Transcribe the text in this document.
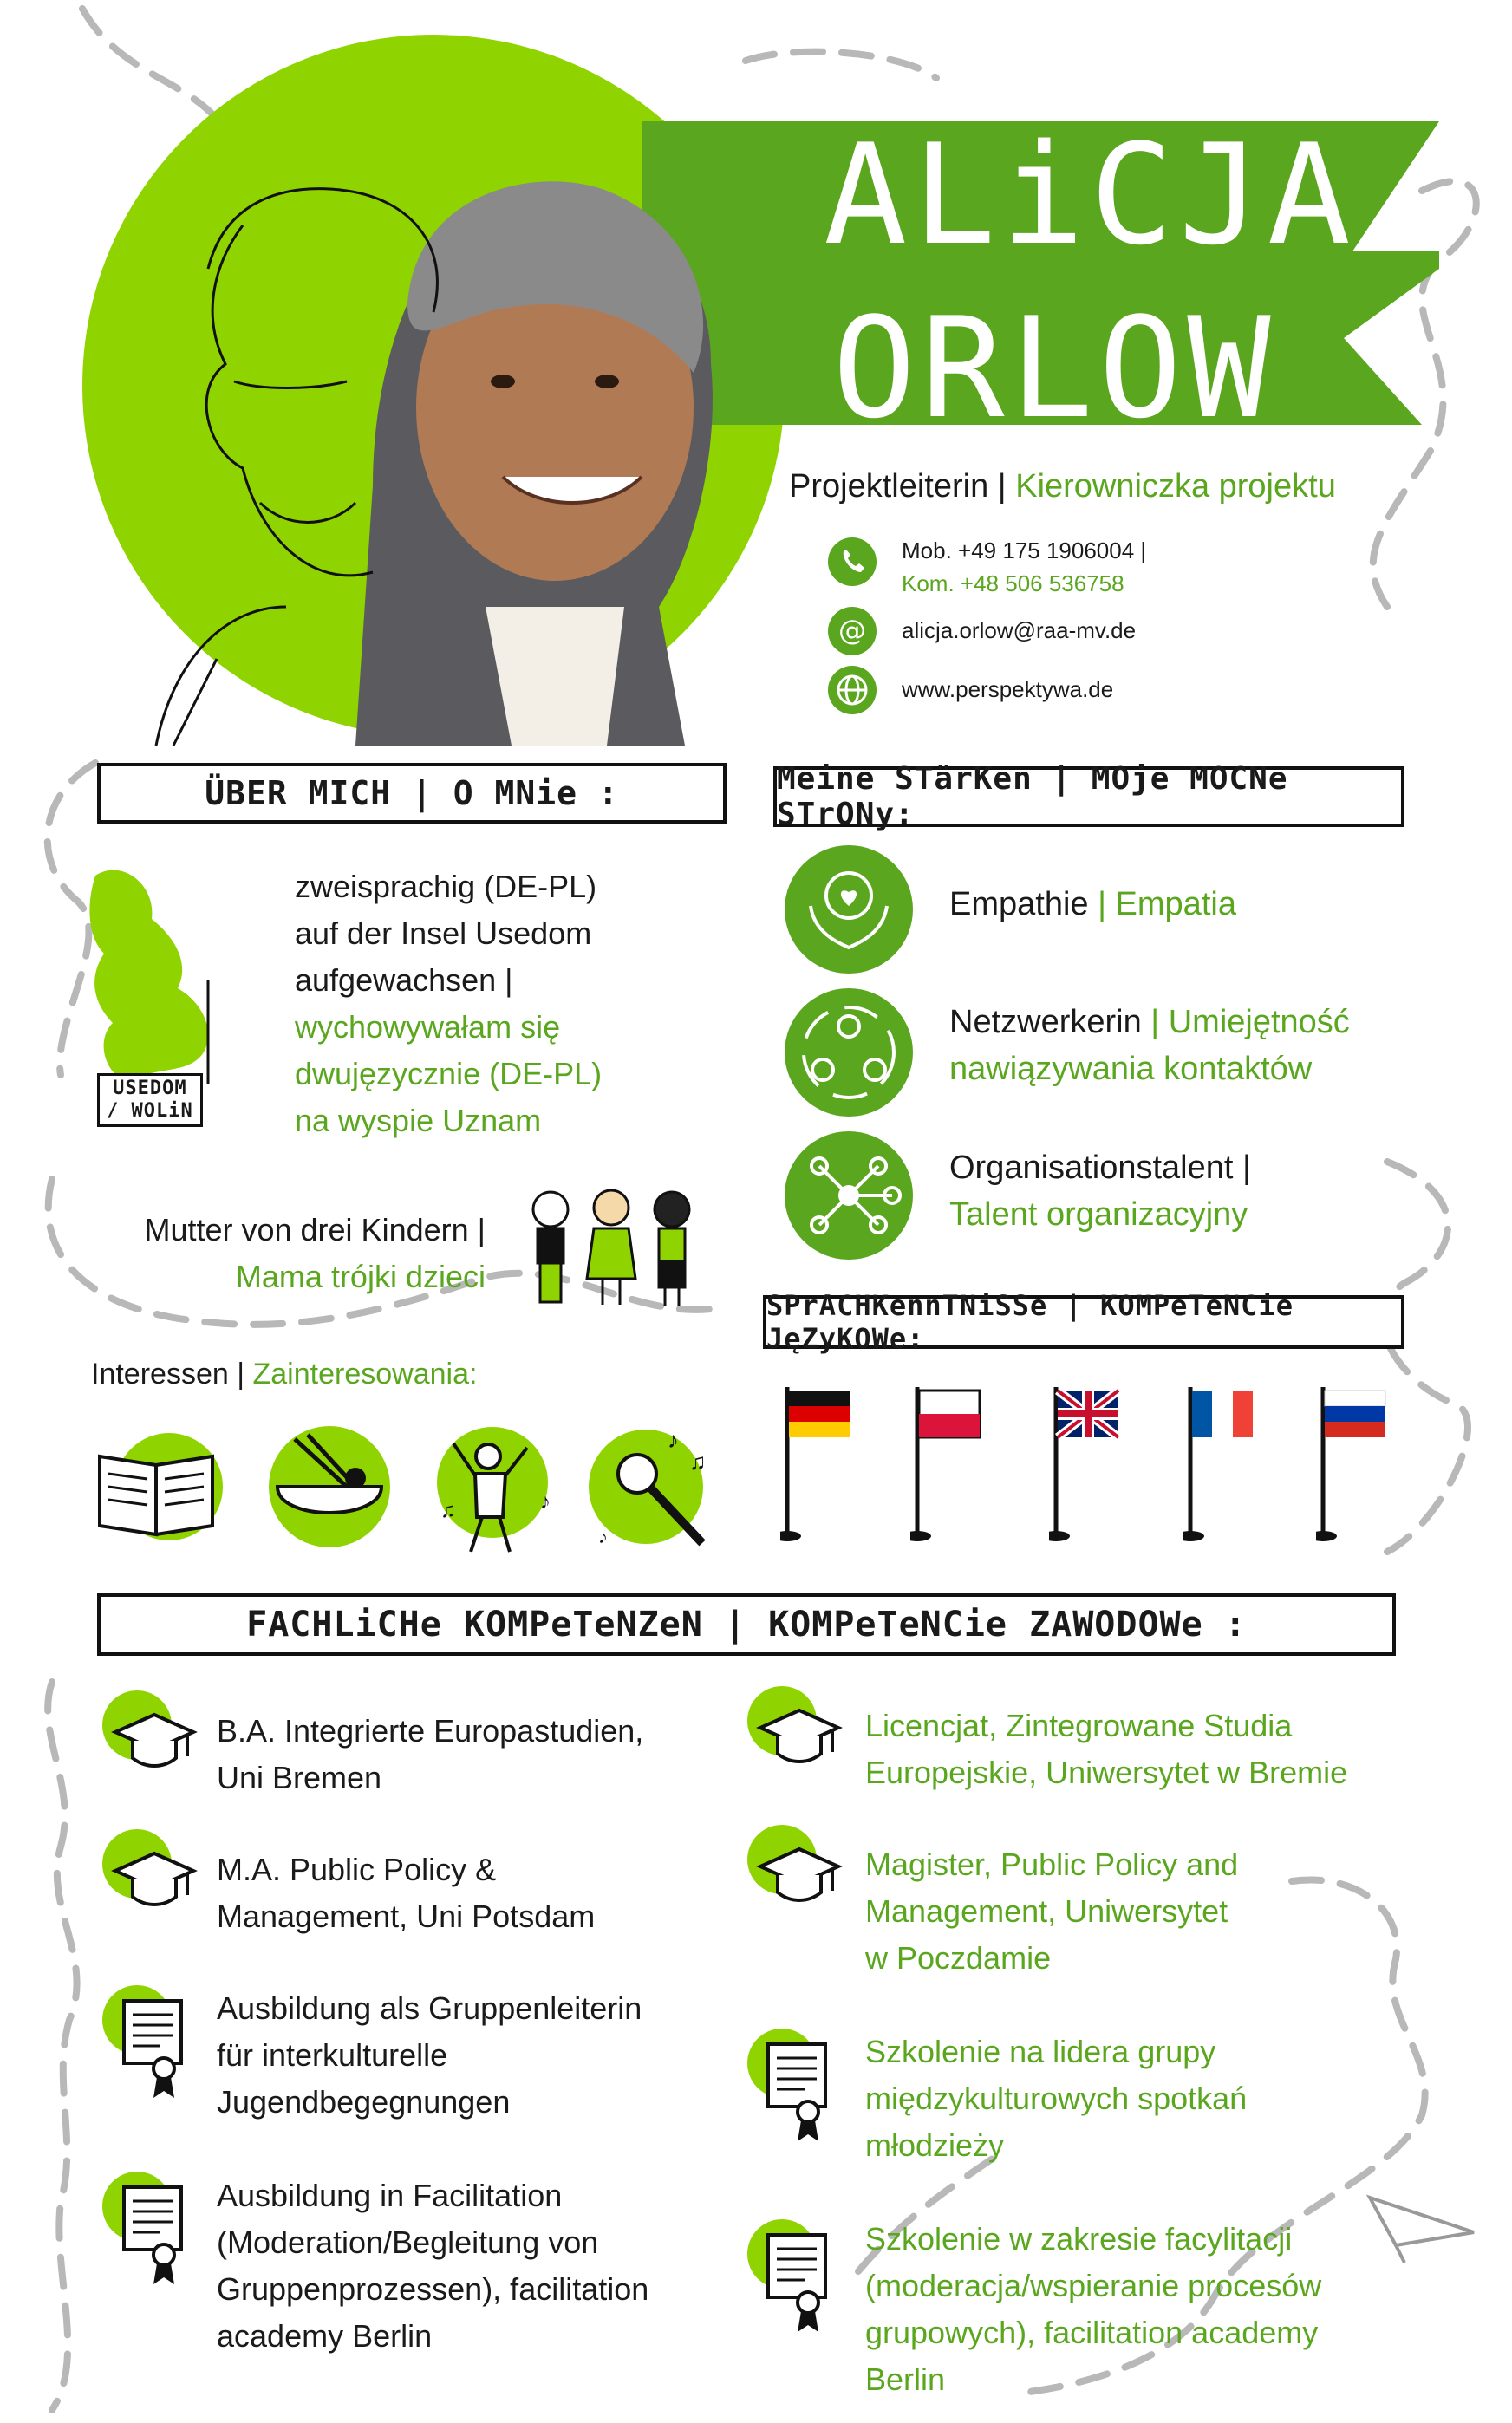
ALiCJA
ORLOW
Projektleiterin | Kierowniczka projektu
Mob. +49 175 1906004 |
Kom. +48 506 536758
@ alicja.orlow@raa-mv.de
www.perspektywa.de
ÜBER MICH | O MNie :	Meine STärKen | MOje MOCNe STrONy:
USEDOM
/ WOLiN
zweisprachig (DE-PL)
auf der Insel Usedom
aufgewachsen |
wychowywałam się
dwujęzycznie (DE-PL)
na wyspie Uznam
Mutter von drei Kindern |
Mama trójki dzieci
Interessen | Zainteresowania:
♪
♫
♪
♫
♪
Empathie | Empatia
Netzwerkerin | Umiejętność
nawiązywania kontaktów
Organisationstalent |
Talent organizacyjny
SPrACHKennTNiSSe | KOMPeTeNCie JęZyKOWe:
FACHLiCHe KOMPeTeNZeN | KOMPeTeNCie ZAWODOWe :
B.A. Integrierte Europastudien,
Uni Bremen
M.A. Public Policy &
Management, Uni Potsdam
Ausbildung als Gruppenleiterin
für interkulturelle
Jugendbegegnungen
Ausbildung in Facilitation
(Moderation/Begleitung von
Gruppenprozessen), facilitation
academy Berlin
Licencjat, Zintegrowane Studia
Europejskie, Uniwersytet w Bremie
Magister, Public Policy and
Management, Uniwersytet
w Poczdamie
Szkolenie na lidera grupy
międzykulturowych spotkań
młodzieży
Szkolenie w zakresie facylitacji
(moderacja/wspieranie procesów
grupowych), facilitation academy
Berlin
